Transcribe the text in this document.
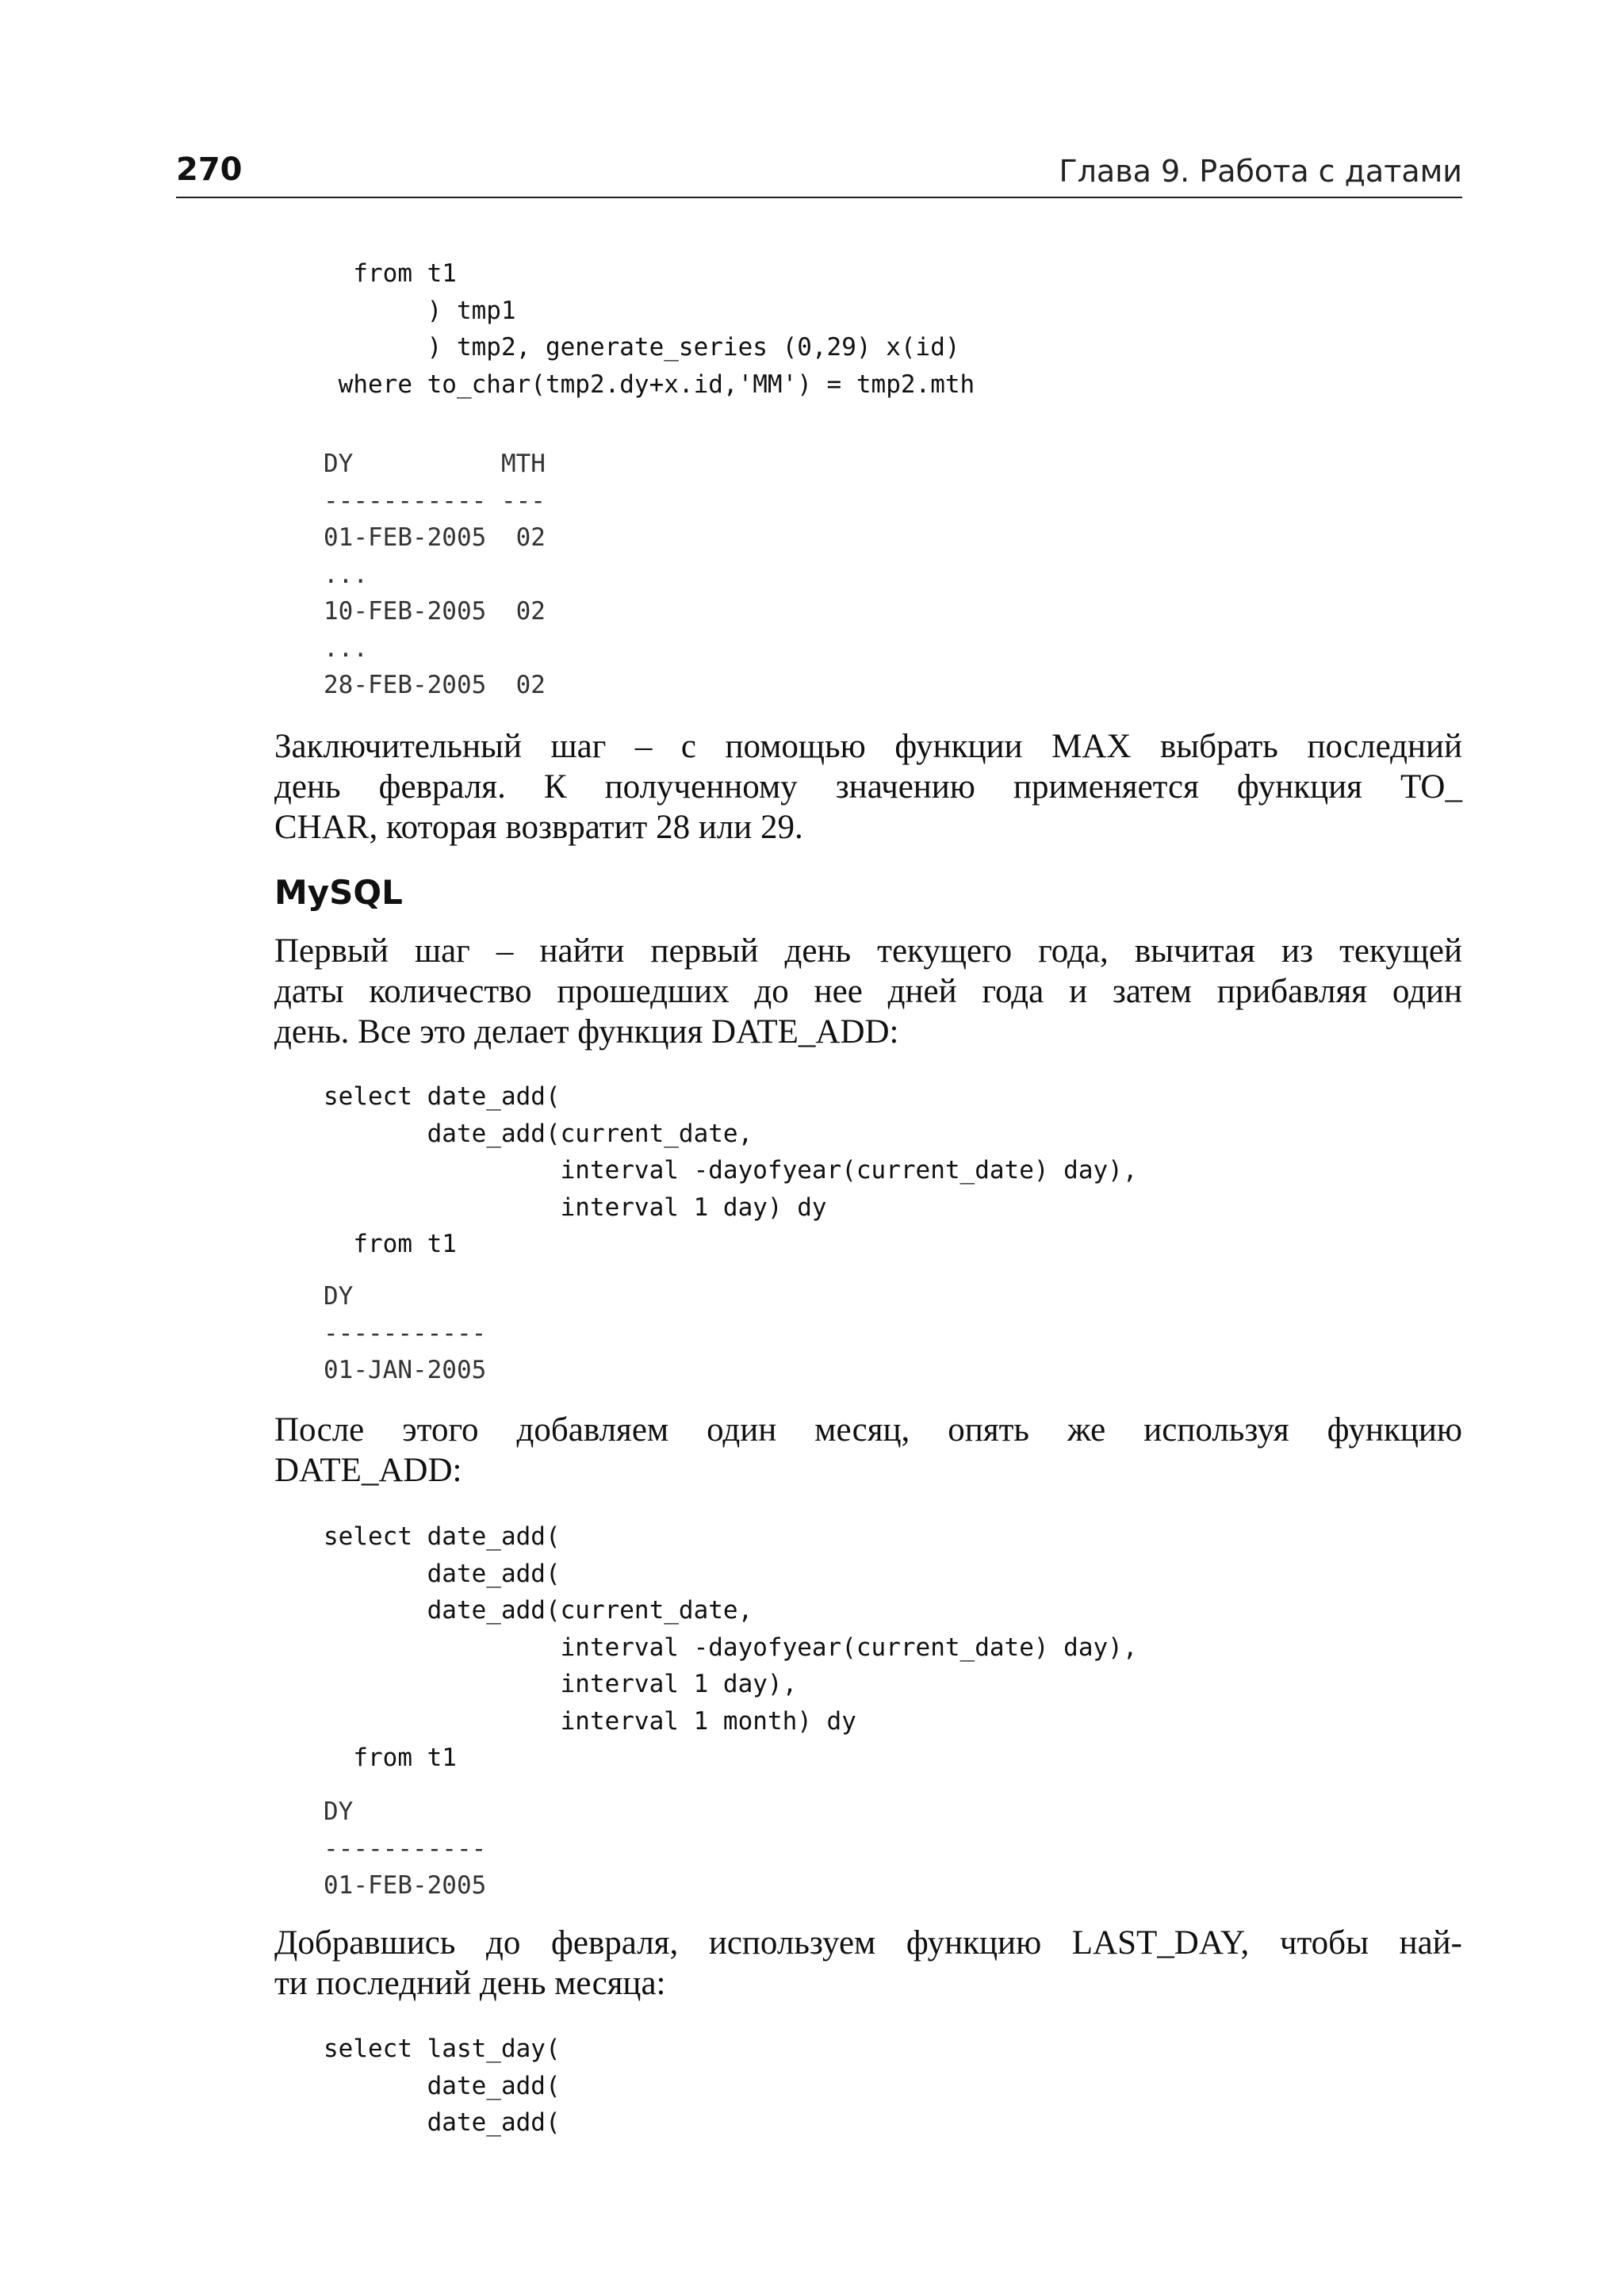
270	Глава 9. Работа с датами
from t1
) tmp1
) tmp2, generate_series (0,29) x(id)
where to_char(tmp2.dy+x.id,'MM') = tmp2.mth
DY          MTH
----------- ---
01-FEB-2005  02
...
10-FEB-2005  02
...
28-FEB-2005  02
Заключительный шаг – с помощью функции MAX выбрать последний
день февраля. К полученному значению применяется функция TO_
CHAR, которая возвратит 28 или 29.
MySQL
Первый шаг – найти первый день текущего года, вычитая из текущей
даты количество прошедших до нее дней года и затем прибавляя один
день. Все это делает функция DATE_ADD:
select date_add(
date_add(current_date,
interval -dayofyear(current_date) day),
interval 1 day) dy
from t1
DY
-----------
01-JAN-2005
После этого добавляем один месяц, опять же используя функцию
DATE_ADD:
select date_add(
date_add(
date_add(current_date,
interval -dayofyear(current_date) day),
interval 1 day),
interval 1 month) dy
from t1
DY
-----------
01-FEB-2005
Добравшись до февраля, используем функцию LAST_DAY, чтобы най-
ти последний день месяца:
select last_day(
date_add(
date_add(
